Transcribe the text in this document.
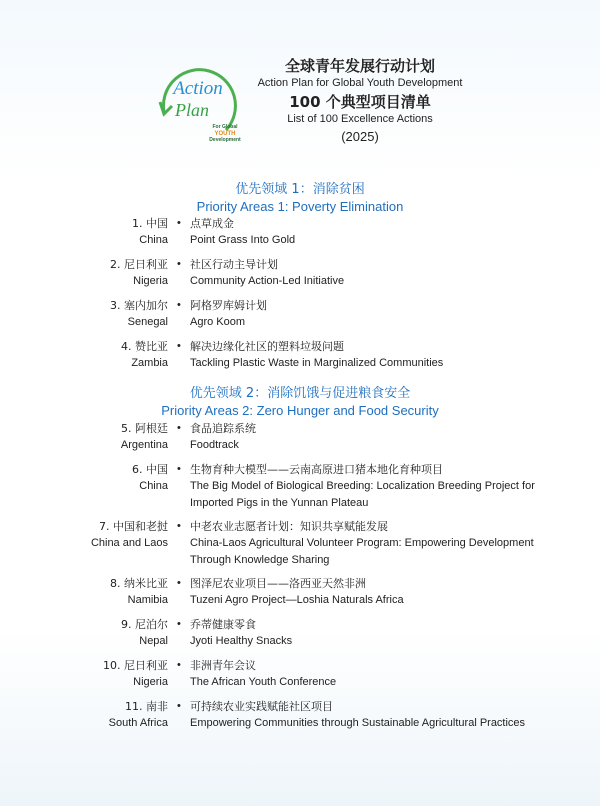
Action
Plan
For Global
YOUTH
Development
全球青年发展行动计划
Action Plan for Global Youth Development
100 个典型项目清单
List of 100 Excellence Actions
(2025)
优先领域 1：消除贫困
Priority Areas 1: Poverty Elimination
1. 中国
China
• 点草成金
Point Grass Into Gold
2. 尼日利亚
Nigeria
• 社区行动主导计划
Community Action-Led Initiative
3. 塞内加尔
Senegal
• 阿格罗库姆计划
Agro Koom
4. 赞比亚
Zambia
• 解决边缘化社区的塑料垃圾问题
Tackling Plastic Waste in Marginalized Communities
优先领域 2：消除饥饿与促进粮食安全
Priority Areas 2: Zero Hunger and Food Security
5. 阿根廷
Argentina
• 食品追踪系统
Foodtrack
6. 中国
China
• 生物育种大模型——云南高原进口猪本地化育种项目
The Big Model of Biological Breeding: Localization Breeding Project for Imported Pigs in the Yunnan Plateau
7. 中国和老挝
China and Laos
• 中老农业志愿者计划：知识共享赋能发展
China-Laos Agricultural Volunteer Program: Empowering Development Through Knowledge Sharing
8. 纳米比亚
Namibia
• 图泽尼农业项目——洛西亚天然非洲
Tuzeni Agro Project—Loshia Naturals Africa
9. 尼泊尔
Nepal
• 乔蒂健康零食
Jyoti Healthy Snacks
10. 尼日利亚
Nigeria
• 非洲青年会议
The African Youth Conference
11. 南非
South Africa
• 可持续农业实践赋能社区项目
Empowering Communities through Sustainable Agricultural Practices
